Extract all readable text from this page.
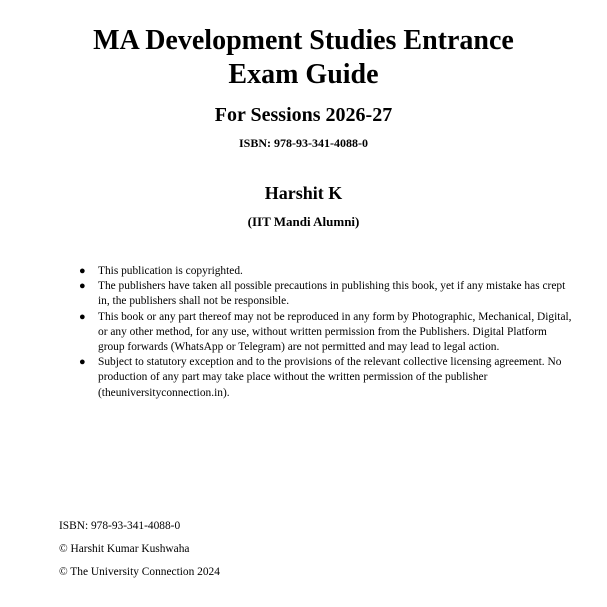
MA Development Studies Entrance
Exam Guide
For Sessions 2026-27

ISBN: 978-93-341-4088-0

Harshit K

(IIT Mandi Alumni)

● This publication is copyrighted.
● The publishers have taken all possible precautions in publishing this book, yet if any mistake has crept in, the publishers shall not be responsible.
● This book or any part thereof may not be reproduced in any form by Photographic, Mechanical, Digital, or any other method, for any use, without written permission from the Publishers. Digital Platform group forwards (WhatsApp or Telegram) are not permitted and may lead to legal action.
● Subject to statutory exception and to the provisions of the relevant collective licensing agreement. No production of any part may take place without the written permission of the publisher (theuniversityconnection.in).
ISBN: 978-93-341-4088-0
© Harshit Kumar Kushwaha
© The University Connection 2024
